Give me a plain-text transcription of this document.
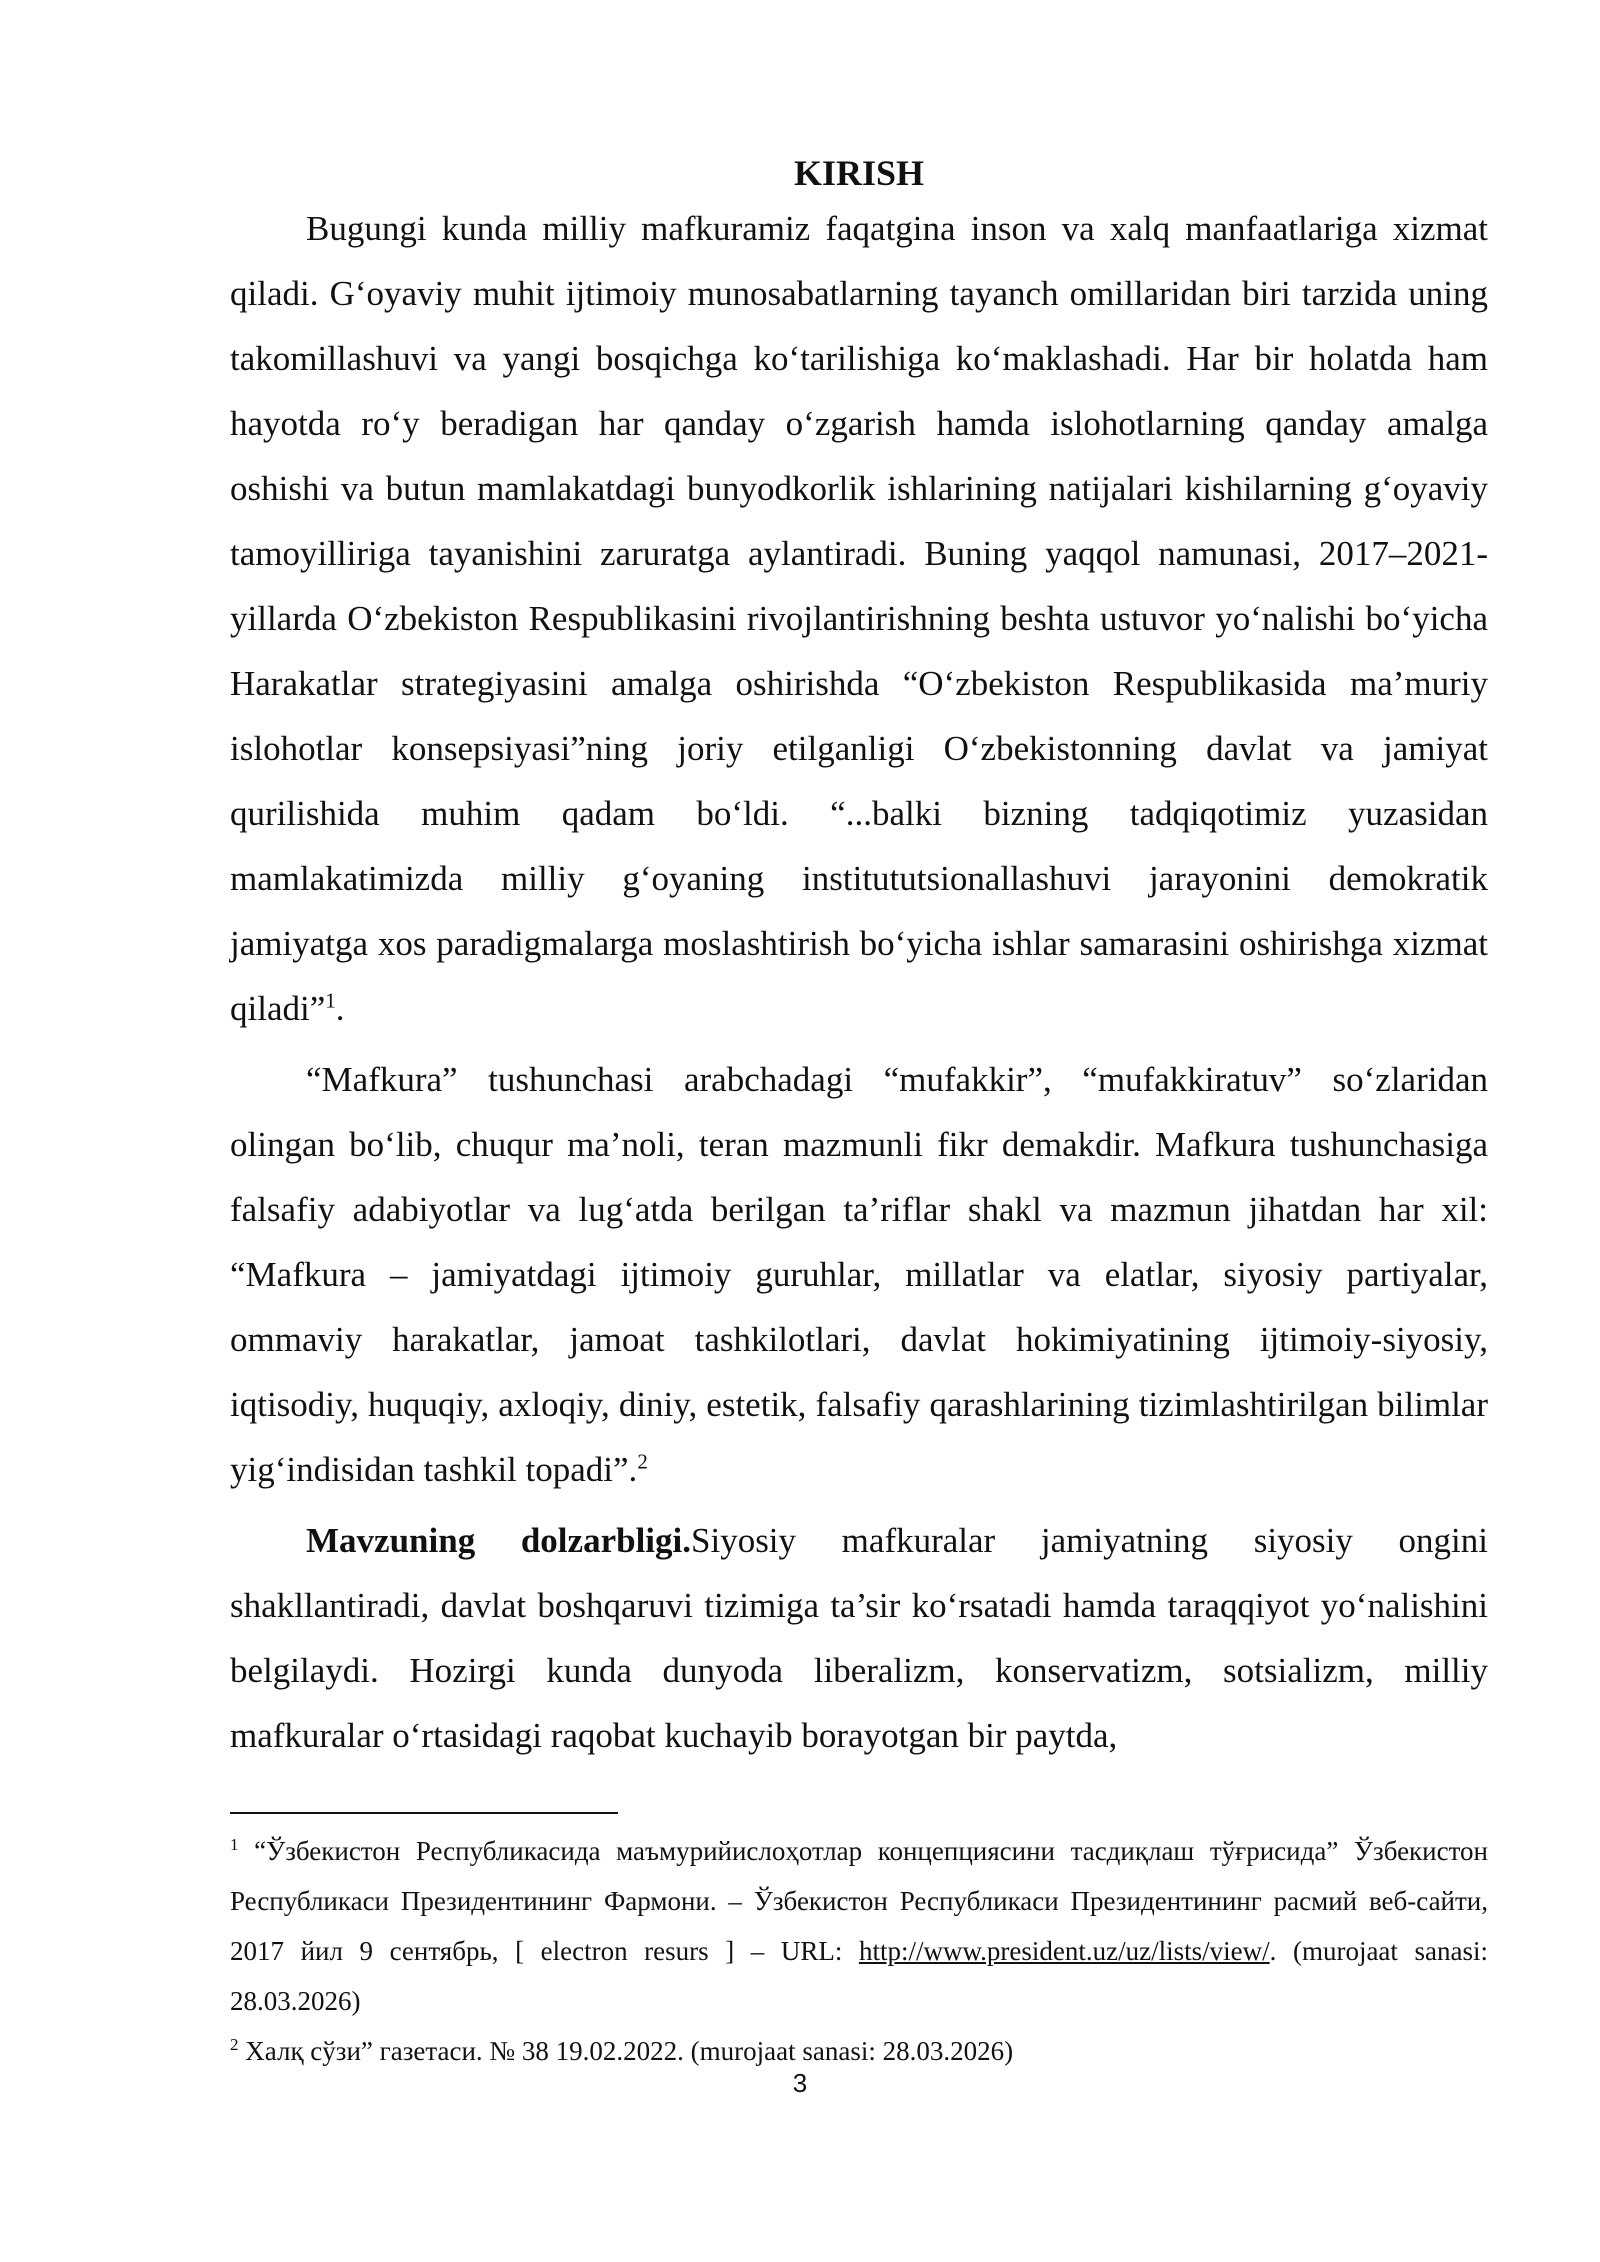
KIRISH

Bugungi kunda milliy mafkuramiz faqatgina inson va xalq manfaatlariga xizmat qiladi. G‘oyaviy muhit ijtimoiy munosabatlarning tayanch omillaridan biri tarzida uning takomillashuvi va yangi bosqichga ko‘tarilishiga ko‘maklashadi. Har bir holatda ham hayotda ro‘y beradigan har qanday o‘zgarish hamda islohotlarning qanday amalga oshishi va butun mamlakatdagi bunyodkorlik ishlarining natijalari kishilarning g‘oyaviy tamoyilliriga tayanishini zaruratga aylantiradi. Buning yaqqol namunasi, 2017–2021-yillarda O‘zbekiston Respublikasini rivojlantirishning beshta ustuvor yo‘nalishi bo‘yicha Harakatlar strategiyasini amalga oshirishda “O‘zbekiston Respublikasida ma’muriy islohotlar konsepsiyasi”ning joriy etilganligi O‘zbekistonning davlat va jamiyat qurilishida muhim qadam bo‘ldi. “...balki bizning tadqiqotimiz yuzasidan mamlakatimizda milliy g‘oyaning institututsionallashuvi jarayonini demokratik jamiyatga xos paradigmalarga moslashtirish bo‘yicha ishlar samarasini oshirishga xizmat qiladi”$^1$.

“Mafkura” tushunchasi arabchadagi “mufakkir”, “mufakkiratuv” so‘zlaridan olingan bo‘lib, chuqur ma’noli, teran mazmunli fikr demakdir. Mafkura tushunchasiga falsafiy adabiyotlar va lug‘atda berilgan ta’riflar shakl va mazmun jihatdan har xil: “Mafkura – jamiyatdagi ijtimoiy guruhlar, millatlar va elatlar, siyosiy partiyalar, ommaviy harakatlar, jamoat tashkilotlari, davlat hokimiyatining ijtimoiy-siyosiy, iqtisodiy, huquqiy, axloqiy, diniy, estetik, falsafiy qarashlarining tizimlashtirilgan bilimlar yig‘indisidan tashkil topadi”.$^2$

Mavzuning dolzarbligi.Siyosiy mafkuralar jamiyatning siyosiy ongini shakllantiradi, davlat boshqaruvi tizimiga ta’sir ko‘rsatadi hamda taraqqiyot yo‘nalishini belgilaydi. Hozirgi kunda dunyoda liberalizm, konservatizm, sotsializm, milliy mafkuralar o‘rtasidagi raqobat kuchayib borayotgan bir paytda,

$^1$ “Ўзбекистон Республикасида маъмурийислоҳотлар концепциясини тасдиқлаш тўғрисида” Ўзбекистон Республикаси Президентининг Фармони. – Ўзбекистон Республикаси Президентининг расмий веб-сайти, 2017 йил 9 сентябрь, [ electron resurs ] – URL: http://www.president.uz/uz/lists/view/. (murojaat sanasi: 28.03.2026)

$^2$ Халқ сўзи” газетаси. № 38 19.02.2022. (murojaat sanasi: 28.03.2026)

3
